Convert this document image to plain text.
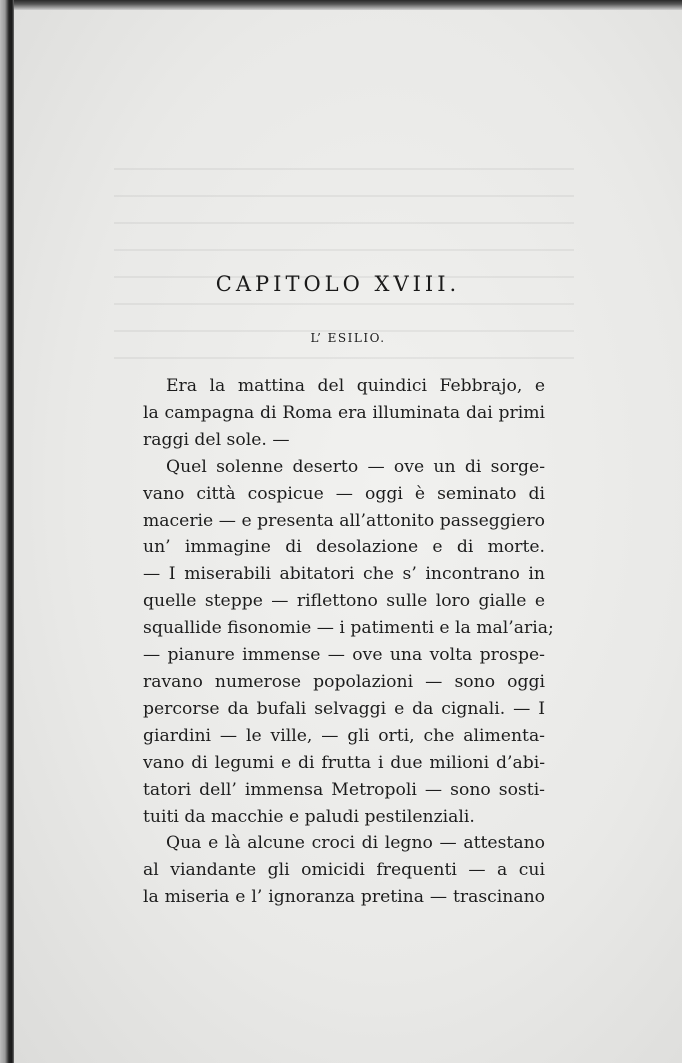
CAPITOLO XVIII.
L’ ESILIO.
Era la mattina del quindici Febbrajo, e
la campagna di Roma era illuminata dai primi
raggi del sole. —
Quel solenne deserto — ove un di sorge-
vano città cospicue — oggi è seminato di
macerie — e presenta all’attonito passeggiero
un’ immagine di desolazione e di morte.
— I miserabili abitatori che s’ incontrano in
quelle steppe — riflettono sulle loro gialle e
squallide fisonomie — i patimenti e la mal’aria;
— pianure immense — ove una volta prospe-
ravano numerose popolazioni — sono oggi
percorse da bufali selvaggi e da cignali. — I
giardini — le ville, — gli orti, che alimenta-
vano di legumi e di frutta i due milioni d’abi-
tatori dell’ immensa Metropoli — sono sosti-
tuiti da macchie e paludi pestilenziali.
Qua e là alcune croci di legno — attestano
al viandante gli omicidi frequenti — a cui
la miseria e l’ ignoranza pretina — trascinano
